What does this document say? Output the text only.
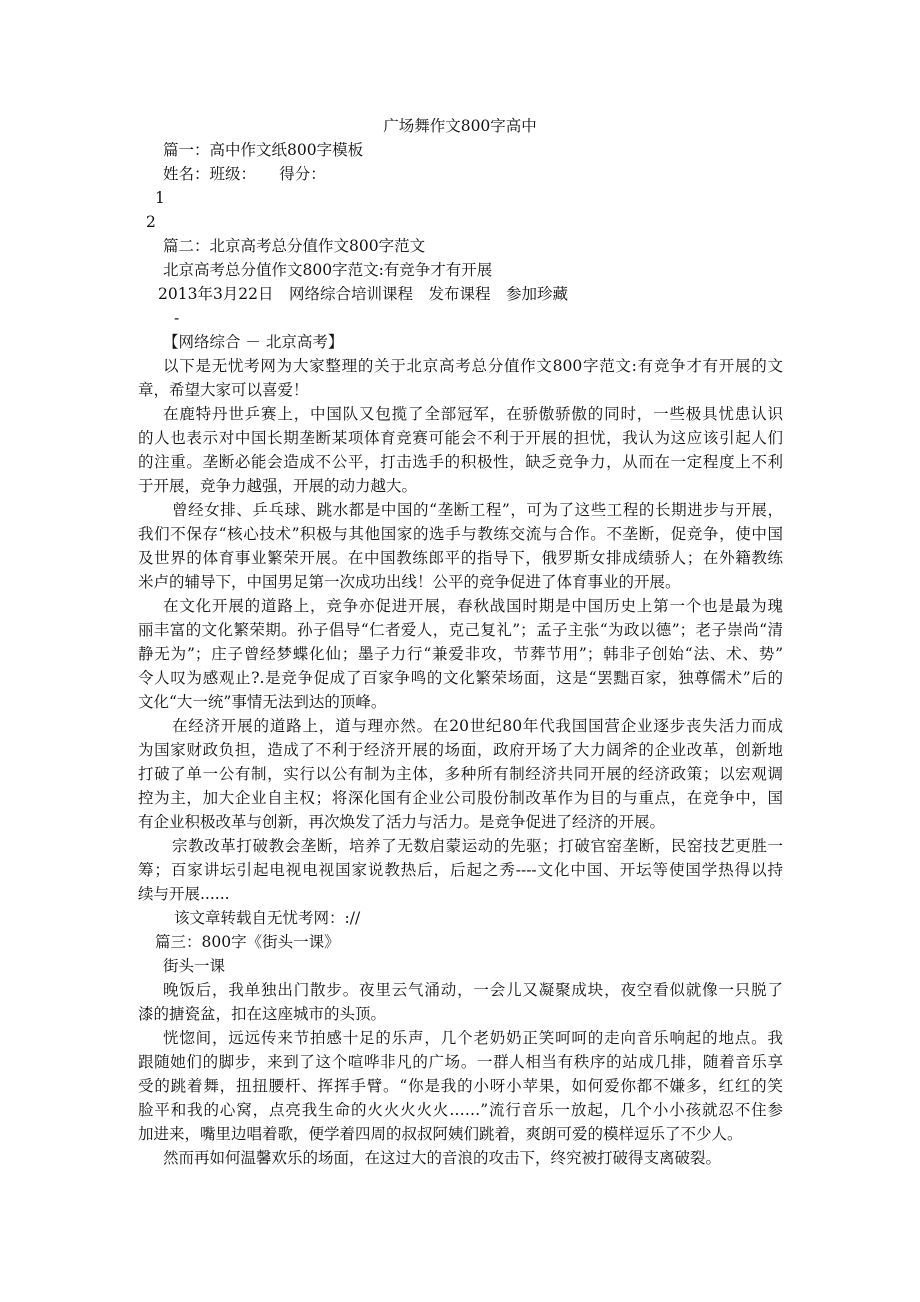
广场舞作文800字高中
篇一：高中作文纸800字模板
姓名：班级：　　得分：
1
2
篇二：北京高考总分值作文800字范文
北京高考总分值作文800字范文:有竞争才有开展
2013年3月22日　网络综合培训课程　发布课程　参加珍藏
-
【网络综合 － 北京高考】
以下是无忧考网为大家整理的关于北京高考总分值作文800字范文:有竞争才有开展的文
章，希望大家可以喜爱！
在鹿特丹世乒赛上，中国队又包揽了全部冠军，在骄傲骄傲的同时，一些极具忧患认识
的人也表示对中国长期垄断某项体育竞赛可能会不利于开展的担忧，我认为这应该引起人们
的注重。垄断必能会造成不公平，打击选手的积极性，缺乏竞争力，从而在一定程度上不利
于开展，竞争力越强，开展的动力越大。
曾经女排、乒乓球、跳水都是中国的“垄断工程”，可为了这些工程的长期进步与开展，
我们不保存“核心技术”积极与其他国家的选手与教练交流与合作。不垄断，促竞争，使中国
及世界的体育事业繁荣开展。在中国教练郎平的指导下，俄罗斯女排成绩骄人；在外籍教练
米卢的辅导下，中国男足第一次成功出线！公平的竞争促进了体育事业的开展。
在文化开展的道路上，竞争亦促进开展，春秋战国时期是中国历史上第一个也是最为瑰
丽丰富的文化繁荣期。孙子倡导“仁者爱人，克己复礼”；孟子主张“为政以德”；老子崇尚“清
静无为”；庄子曾经梦蝶化仙；墨子力行“兼爱非攻，节葬节用”；韩非子创始“法、术、势”
令人叹为感观止?.是竞争促成了百家争鸣的文化繁荣场面，这是“罢黜百家，独尊儒术”后的
文化“大一统”事情无法到达的顶峰。
在经济开展的道路上，道与理亦然。在20世纪80年代我国国营企业逐步丧失活力而成
为国家财政负担，造成了不利于经济开展的场面，政府开场了大力阔斧的企业改革，创新地
打破了单一公有制，实行以公有制为主体，多种所有制经济共同开展的经济政策；以宏观调
控为主，加大企业自主权；将深化国有企业公司股份制改革作为目的与重点，在竞争中，国
有企业积极改革与创新，再次焕发了活力与活力。是竞争促进了经济的开展。
宗教改革打破教会垄断，培养了无数启蒙运动的先驱；打破官窑垄断，民窑技艺更胜一
筹；百家讲坛引起电视电视国家说教热后，后起之秀----文化中国、开坛等使国学热得以持
续与开展......
该文章转载自无忧考网：://
篇三：800字《街头一课》
街头一课
晚饭后，我单独出门散步。夜里云气涌动，一会儿又凝聚成块，夜空看似就像一只脱了
漆的搪瓷盆，扣在这座城市的头顶。
恍惚间，远远传来节拍感十足的乐声，几个老奶奶正笑呵呵的走向音乐响起的地点。我
跟随她们的脚步，来到了这个喧哗非凡的广场。一群人相当有秩序的站成几排，随着音乐享
受的跳着舞，扭扭腰杆、挥挥手臂。“你是我的小呀小苹果，如何爱你都不嫌多，红红的笑
脸平和我的心窝，点亮我生命的火火火火火……”流行音乐一放起，几个小小孩就忍不住参
加进来，嘴里边唱着歌，便学着四周的叔叔阿姨们跳着，爽朗可爱的模样逗乐了不少人。
然而再如何温馨欢乐的场面，在这过大的音浪的攻击下，终究被打破得支离破裂。
